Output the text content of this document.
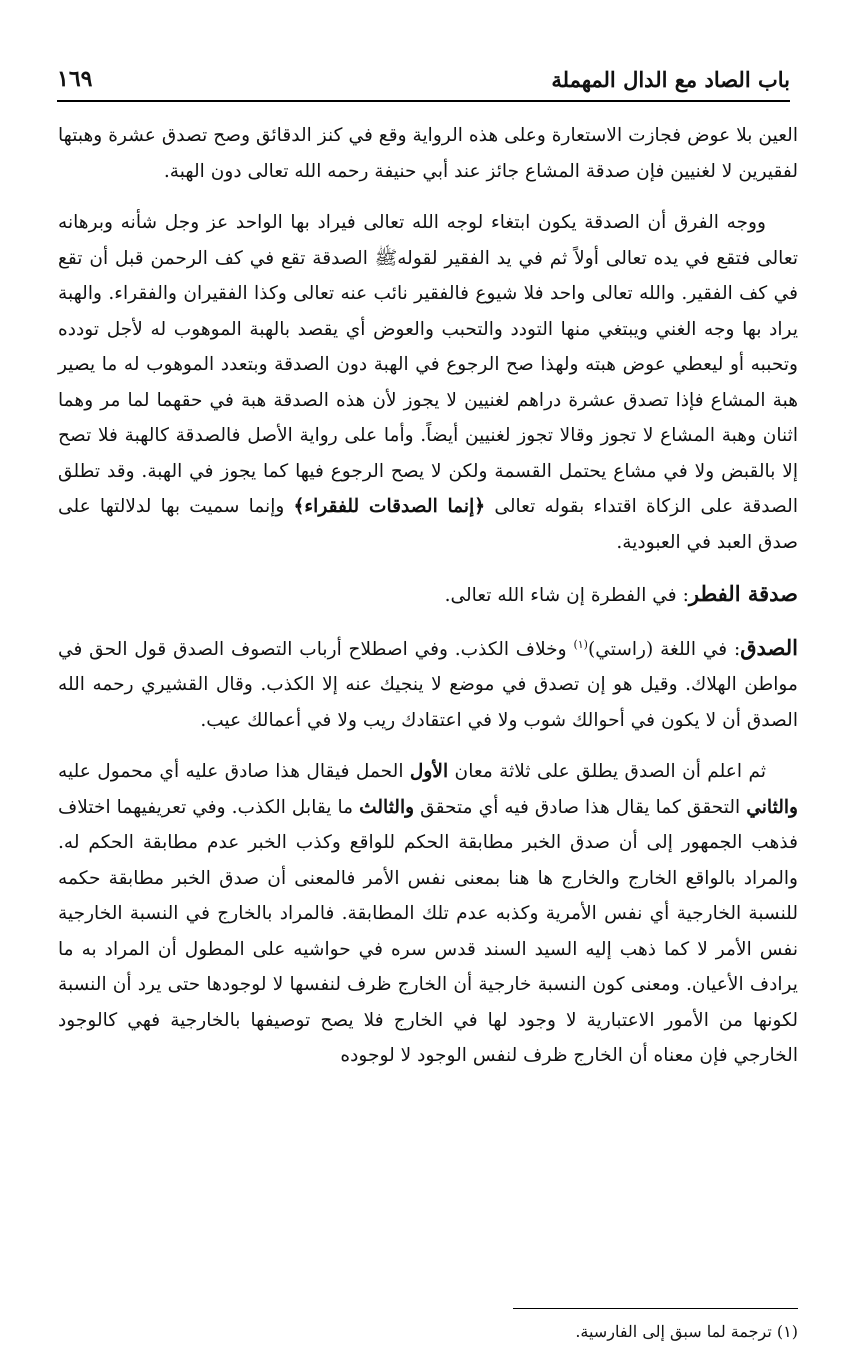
باب الصاد مع الدال المهملة
١٦٩

العين بلا عوض فجازت الاستعارة وعلى هذه الرواية وقع في كنز الدقائق وصح تصدق عشرة وهبتها لفقيرين لا لغنيين فإن صدقة المشاع جائز عند أبي حنيفة رحمه الله تعالى دون الهبة.

ووجه الفرق أن الصدقة يكون ابتغاء لوجه الله تعالى فيراد بها الواحد عز وجل شأنه وبرهانه تعالى فتقع في يده تعالى أولاً ثم في يد الفقير لقولهﷺ الصدقة تقع في كف الرحمن قبل أن تقع في كف الفقير. والله تعالى واحد فلا شيوع فالفقير نائب عنه تعالى وكذا الفقيران والفقراء. والهبة يراد بها وجه الغني ويبتغي منها التودد والتحبب والعوض أي يقصد بالهبة الموهوب له لأجل تودده وتحببه أو ليعطي عوض هبته ولهذا صح الرجوع في الهبة دون الصدقة وبتعدد الموهوب له ما يصير هبة المشاع فإذا تصدق عشرة دراهم لغنيين لا يجوز لأن هذه الصدقة هبة في حقهما لما مر وهما اثنان وهبة المشاع لا تجوز وقالا تجوز لغنيين أيضاً. وأما على رواية الأصل فالصدقة كالهبة فلا تصح إلا بالقبض ولا في مشاع يحتمل القسمة ولكن لا يصح الرجوع فيها كما يجوز في الهبة. وقد تطلق الصدقة على الزكاة اقتداء بقوله تعالى ﴿إنما الصدقات للفقراء﴾ وإنما سميت بها لدلالتها على صدق العبد في العبودية.

صدقة الفطر: في الفطرة إن شاء الله تعالى.

الصدق: في اللغة (راستي)$^{(١)}$ وخلاف الكذب. وفي اصطلاح أرباب التصوف الصدق قول الحق في مواطن الهلاك. وقيل هو إن تصدق في موضع لا ينجيك عنه إلا الكذب. وقال القشيري رحمه الله الصدق أن لا يكون في أحوالك شوب ولا في اعتقادك ريب ولا في أعمالك عيب.

ثم اعلم أن الصدق يطلق على ثلاثة معان الأول الحمل فيقال هذا صادق عليه أي محمول عليه والثاني التحقق كما يقال هذا صادق فيه أي متحقق والثالث ما يقابل الكذب. وفي تعريفيهما اختلاف فذهب الجمهور إلى أن صدق الخبر مطابقة الحكم للواقع وكذب الخبر عدم مطابقة الحكم له. والمراد بالواقع الخارج والخارج ها هنا بمعنى نفس الأمر فالمعنى أن صدق الخبر مطابقة حكمه للنسبة الخارجية أي نفس الأمرية وكذبه عدم تلك المطابقة. فالمراد بالخارج في النسبة الخارجية نفس الأمر لا كما ذهب إليه السيد السند قدس سره في حواشيه على المطول أن المراد به ما يرادف الأعيان. ومعنى كون النسبة خارجية أن الخارج ظرف لنفسها لا لوجودها حتى يرد أن النسبة لكونها من الأمور الاعتبارية لا وجود لها في الخارج فلا يصح توصيفها بالخارجية فهي كالوجود الخارجي فإن معناه أن الخارج ظرف لنفس الوجود لا لوجوده

(١) ترجمة لما سبق إلى الفارسية.
